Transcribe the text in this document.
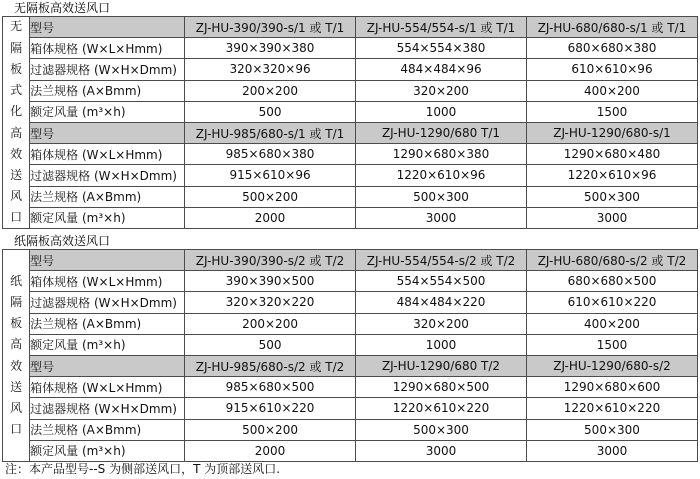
无隔板高效送风口
无
隔
板
式
化
高
效
送
风
口
	型号	ZJ-HU-390/390-s/1 或 T/1	ZJ-HU-554/554-s/1 或 T/1	ZJ-HU-680/680-s/1 或 T/1
	箱体规格 (W×L×Hmm)	390×390×380	554×554×380	680×680×380
	过滤器规格 (W×H×Dmm)	320×320×96	484×484×96	610×610×96
	法兰规格 (A×Bmm)	200×200	320×200	400×200
	额定风量 (m³×h)	500	1000	1500
	型号	ZJ-HU-985/680-s/1 或 T/1	ZJ-HU-1290/680 T/1	ZJ-HU-1290/680-s/1
	箱体规格 (W×L×Hmm)	985×680×380	1290×680×380	1290×680×480
	过滤器规格 (W×H×Dmm)	915×610×96	1220×610×96	1220×610×96
	法兰规格 (A×Bmm)	500×200	500×300	500×300
	额定风量 (m³×h)	2000	3000	3000
纸隔板高效送风口
纸
隔
板
高
效
送
风
口
	型号	ZJ-HU-390/390-s/2 或 T/2	ZJ-HU-554/554-s/2 或 T/2	ZJ-HU-680/680-s/2 或 T/2
	箱体规格 (W×L×Hmm)	390×390×500	554×554×500	680×680×500
	过滤器规格 (W×H×Dmm)	320×320×220	484×484×220	610×610×220
	法兰规格 (A×Bmm)	200×200	320×200	400×200
	额定风量 (m³×h)	500	1000	1500
	型号	ZJ-HU-985/680-s/2 或 T/2	ZJ-HU-1290/680 T/2	ZJ-HU-1290/680-s/2
	箱体规格 (W×L×Hmm)	985×680×500	1290×680×500	1290×680×600
	过滤器规格 (W×H×Dmm)	915×610×220	1220×610×220	1220×610×220
	法兰规格 (A×Bmm)	500×200	500×300	500×300
	额定风量 (m³×h)	2000	3000	3000
注：本产品型号--S 为侧部送风口，T 为顶部送风口.
